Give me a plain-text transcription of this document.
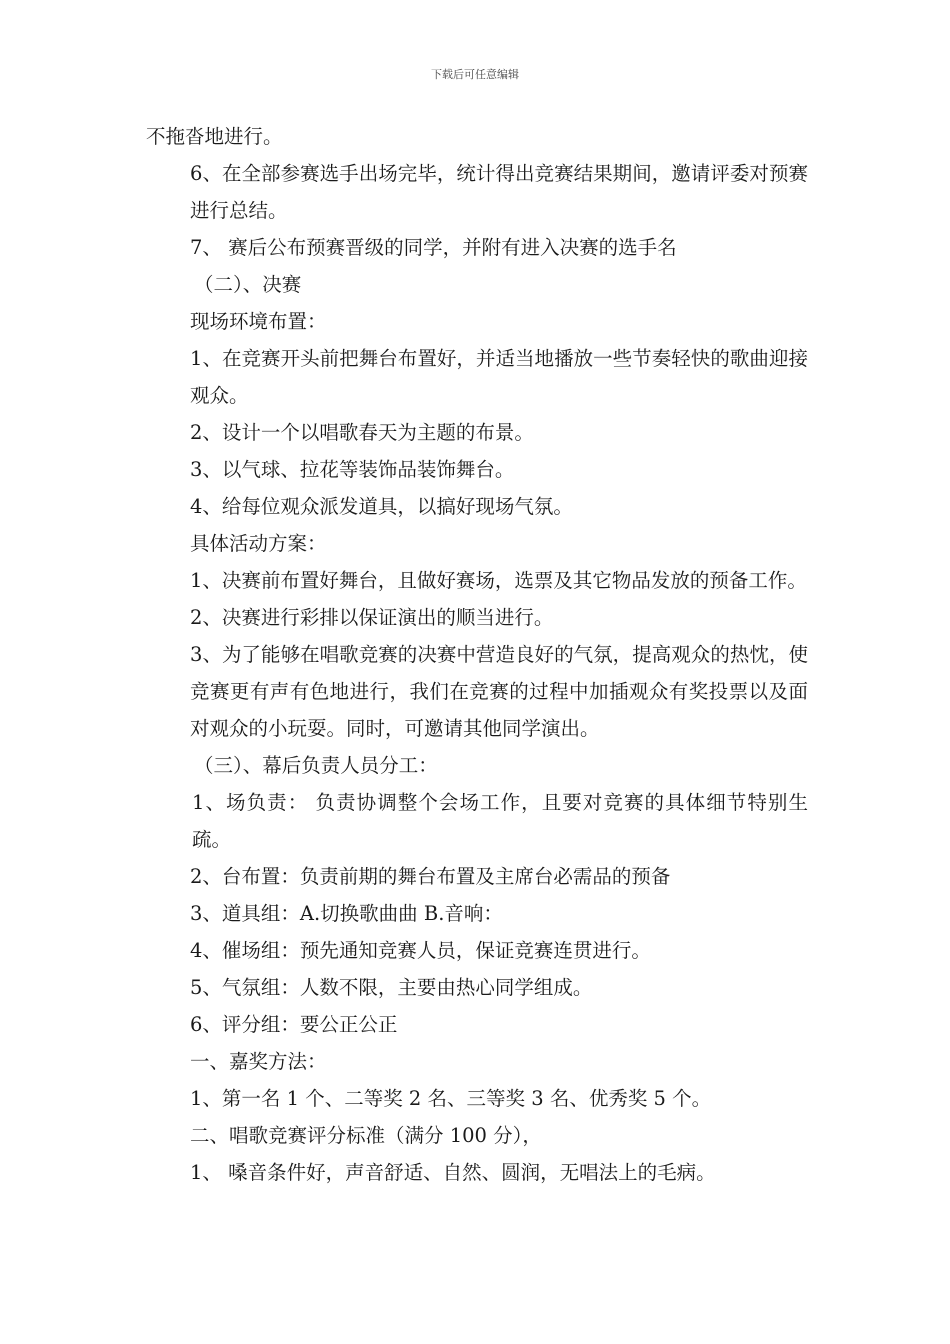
下载后可任意编辑
不拖沓地进行。
6、在全部参赛选手出场完毕，统计得出竞赛结果期间，邀请评委对预赛进行总结。
7、 赛后公布预赛晋级的同学，并附有进入决赛的选手名
（二）、决赛
现场环境布置：
1、在竞赛开头前把舞台布置好，并适当地播放一些节奏轻快的歌曲迎接观众。
2、设计一个以唱歌春天为主题的布景。
3、以气球、拉花等装饰品装饰舞台。
4、给每位观众派发道具，以搞好现场气氛。
具体活动方案：
1、决赛前布置好舞台，且做好赛场，选票及其它物品发放的预备工作。
2、决赛进行彩排以保证演出的顺当进行。
3、为了能够在唱歌竞赛的决赛中营造良好的气氛，提高观众的热忱，使竞赛更有声有色地进行，我们在竞赛的过程中加插观众有奖投票以及面对观众的小玩耍。同时，可邀请其他同学演出。
（三）、幕后负责人员分工：
1、场负责： 负责协调整个会场工作，且要对竞赛的具体细节特别生疏。
2、台布置：负责前期的舞台布置及主席台必需品的预备
3、道具组：A.切换歌曲曲 B.音响：
4、催场组：预先通知竞赛人员，保证竞赛连贯进行。
5、气氛组：人数不限，主要由热心同学组成。
6、评分组：要公正公正
一、嘉奖方法：
1、第一名 1 个、二等奖 2 名、三等奖 3 名、优秀奖 5 个。
二、唱歌竞赛评分标准（满分 100 分），
1、 嗓音条件好，声音舒适、自然、圆润，无唱法上的毛病。
